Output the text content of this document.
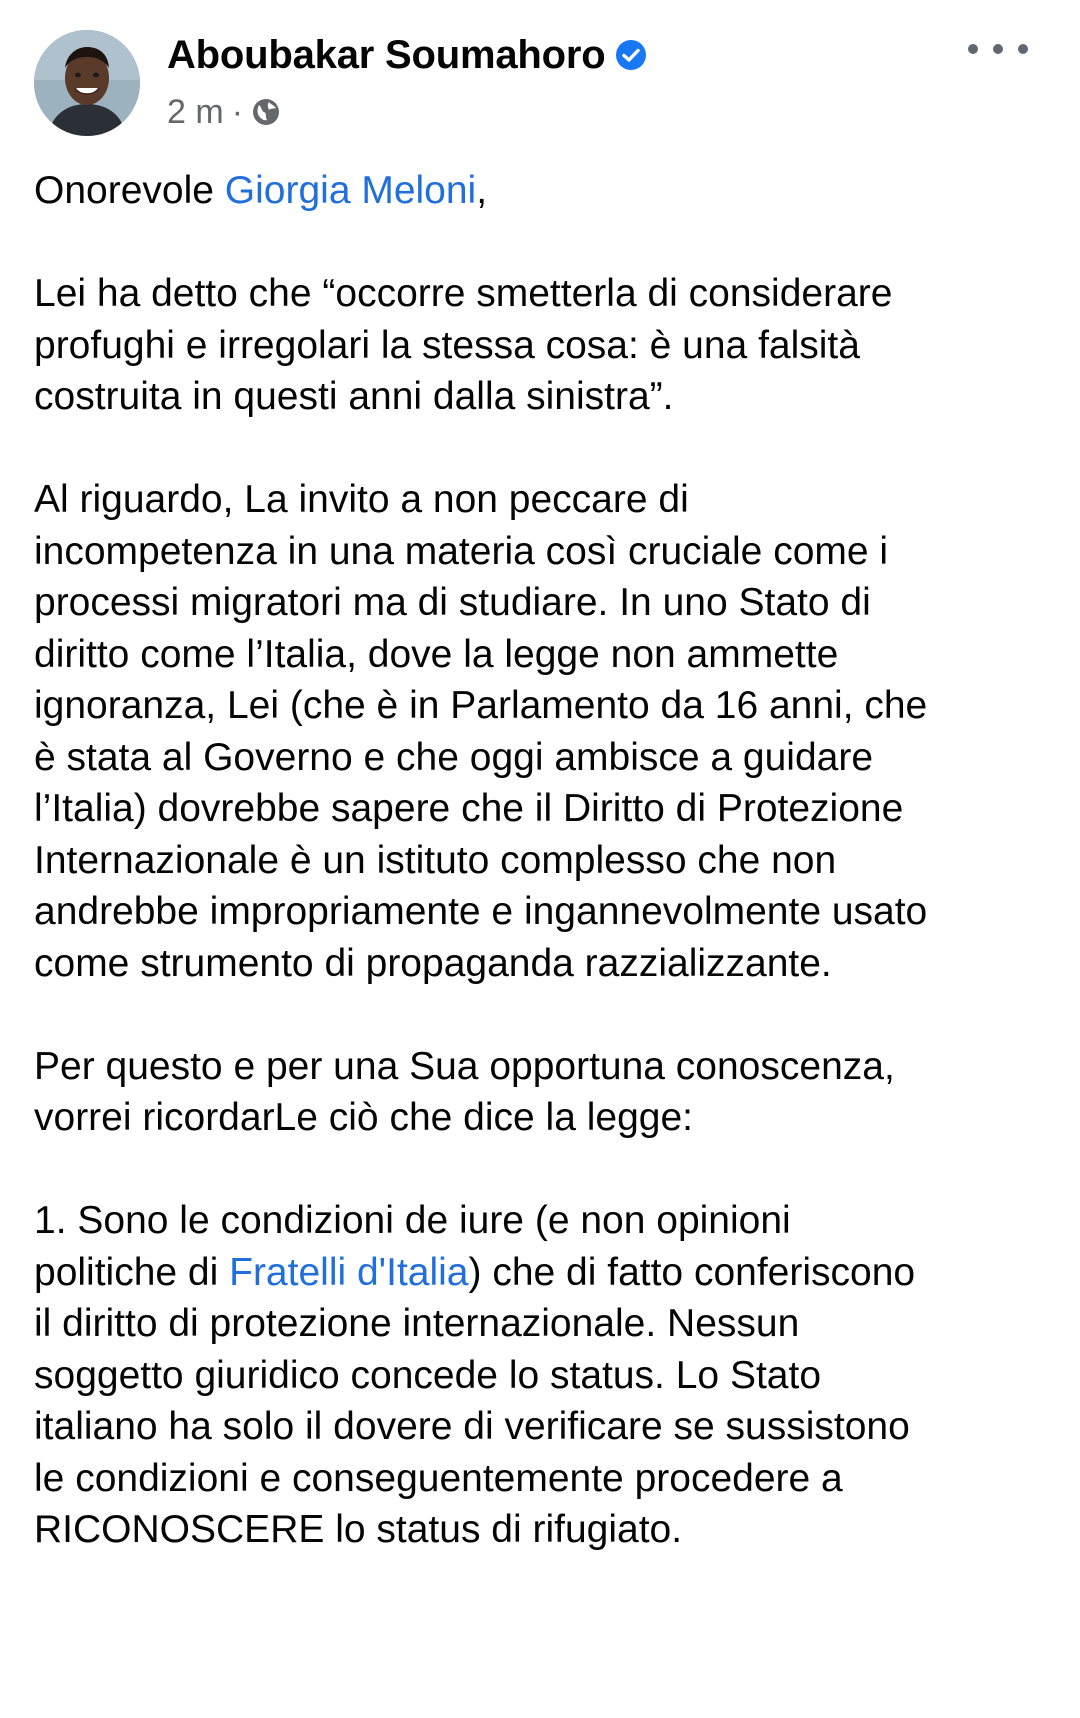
Aboubakar Soumahoro
2 m ·

Onorevole Giorgia Meloni,

Lei ha detto che “occorre smetterla di considerare
profughi e irregolari la stessa cosa: è una falsità
costruita in questi anni dalla sinistra”.

Al riguardo, La invito a non peccare di
incompetenza in una materia così cruciale come i
processi migratori ma di studiare. In uno Stato di
diritto come l’Italia, dove la legge non ammette
ignoranza, Lei (che è in Parlamento da 16 anni, che
è stata al Governo e che oggi ambisce a guidare
l’Italia) dovrebbe sapere che il Diritto di Protezione
Internazionale è un istituto complesso che non
andrebbe impropriamente e ingannevolmente usato
come strumento di propaganda razzializzante.

Per questo e per una Sua opportuna conoscenza,
vorrei ricordarLe ciò che dice la legge:

1. Sono le condizioni de iure (e non opinioni
politiche di Fratelli d'Italia) che di fatto conferiscono
il diritto di protezione internazionale. Nessun
soggetto giuridico concede lo status. Lo Stato
italiano ha solo il dovere di verificare se sussistono
le condizioni e conseguentemente procedere a
RICONOSCERE lo status di rifugiato.
